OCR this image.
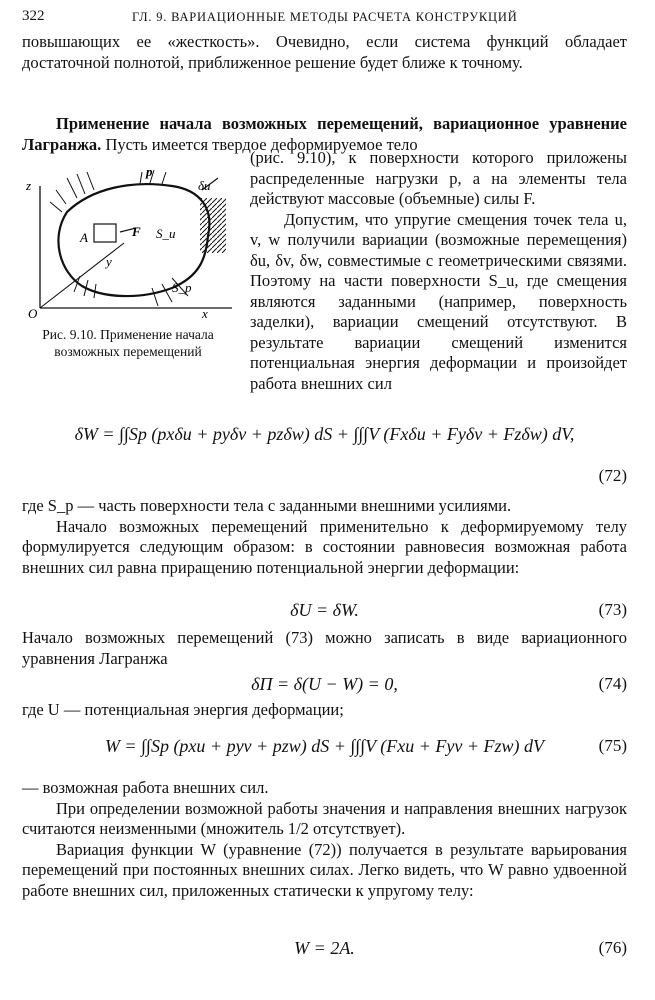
322	ГЛ. 9. ВАРИАЦИОННЫЕ МЕТОДЫ РАСЧЕТА КОНСТРУКЦИЙ

повышающих ее «жесткость». Очевидно, если система функций обладает достаточной полнотой, приближенное решение будет ближе к точному.

Применение начала возможных перемещений, вариационное уравнение Лагранжа. Пусть имеется твердое деформируемое тело

z
x
y
O
A	F
p
S_u
S_p
δu
Рис. 9.10. Применение начала возможных перемещений

(рис. 9.10), к поверхности которого приложены распределенные нагрузки p, а на элементы тела действуют массовые (объемные) силы F.

Допустим, что упругие смещения точек тела u, v, w получили вариации (возможные перемещения) δu, δv, δw, совместимые с геометрическими связями. Поэтому на части поверхности S_u, где смещения являются заданными (например, поверхность заделки), вариации смещений отсутствуют. В результате вариации смещений изменится потенциальная энергия деформации и произойдет работа внешних сил

δW = ∫∫Sp (pxδu + pyδv + pzδw) dS + ∫∫∫V (Fxδu + Fyδv + Fzδw) dV,
(72)

где S_p — часть поверхности тела с заданными внешними усилиями.

Начало возможных перемещений применительно к деформируемому телу формулируется следующим образом: в состоянии равновесия возможная работа внешних сил равна приращению потенциальной энергии деформации:

δU = δW.	(73)

Начало возможных перемещений (73) можно записать в виде вариационного уравнения Лагранжа

δΠ = δ(U − W) = 0,	(74)

где U — потенциальная энергия деформации;

W = ∫∫Sp (pxu + pyv + pzw) dS + ∫∫∫V (Fxu + Fyv + Fzw) dV	(75)

— возможная работа внешних сил.

При определении возможной работы значения и направления внешних нагрузок считаются неизменными (множитель 1/2 отсутствует).

Вариация функции W (уравнение (72)) получается в результате варьирования перемещений при постоянных внешних силах. Легко видеть, что W равно удвоенной работе внешних сил, приложенных статически к упругому телу:

W = 2A.	(76)
